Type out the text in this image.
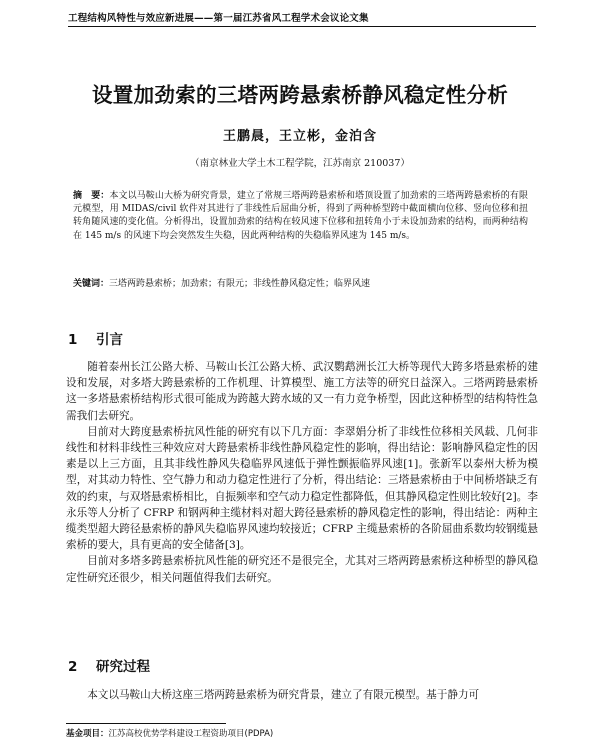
工程结构风特性与效应新进展——第一届江苏省风工程学术会议论文集
设置加劲索的三塔两跨悬索桥静风稳定性分析
王鹏晨，王立彬，金泊含
（南京林业大学土木工程学院，江苏南京 210037）
摘　要：本文以马鞍山大桥为研究背景，建立了常规三塔两跨悬索桥和塔顶设置了加劲索的三塔两跨悬索桥的有限元模型，用 MIDAS/civil 软件对其进行了非线性后屈曲分析，得到了两种桥型跨中截面横向位移、竖向位移和扭转角随风速的变化值。分析得出，设置加劲索的结构在较风速下位移和扭转角小于未设加劲索的结构，而两种结构在 145 m/s 的风速下均会突然发生失稳，因此两种结构的失稳临界风速为 145 m/s。
关键词：三塔两跨悬索桥；加劲索；有限元；非线性静风稳定性；临界风速
1 引言

随着泰州长江公路大桥、马鞍山长江公路大桥、武汉鹦鹉洲长江大桥等现代大跨多塔悬索桥的建设和发展，对多塔大跨悬索桥的工作机理、计算模型、施工方法等的研究日益深入。三塔两跨悬索桥这一多塔悬索桥结构形式很可能成为跨越大跨水域的又一有力竞争桥型，因此这种桥型的结构特性急需我们去研究。

目前对大跨度悬索桥抗风性能的研究有以下几方面：李翠娟分析了非线性位移相关风载、几何非线性和材料非线性三种效应对大跨悬索桥非线性静风稳定性的影响，得出结论：影响静风稳定性的因素是以上三方面，且其非线性静风失稳临界风速低于弹性颤振临界风速[1]。张新军以泰州大桥为模型，对其动力特性、空气静力和动力稳定性进行了分析，得出结论：三塔悬索桥由于中间桥塔缺乏有效的约束，与双塔悬索桥相比，自振频率和空气动力稳定性都降低，但其静风稳定性则比较好[2]。李永乐等人分析了 CFRP 和钢两种主缆材料对超大跨径悬索桥的静风稳定性的影响，得出结论：两种主缆类型超大跨径悬索桥的静风失稳临界风速均较接近；CFRP 主缆悬索桥的各阶屈曲系数均较钢缆悬索桥的要大，具有更高的安全储备[3]。

目前对多塔多跨悬索桥抗风性能的研究还不是很完全，尤其对三塔两跨悬索桥这种桥型的静风稳定性研究还很少，相关问题值得我们去研究。

2 研究过程

本文以马鞍山大桥这座三塔两跨悬索桥为研究背景，建立了有限元模型。基于静力可

基金项目：江苏高校优势学科建设工程资助项目(PDPA)
